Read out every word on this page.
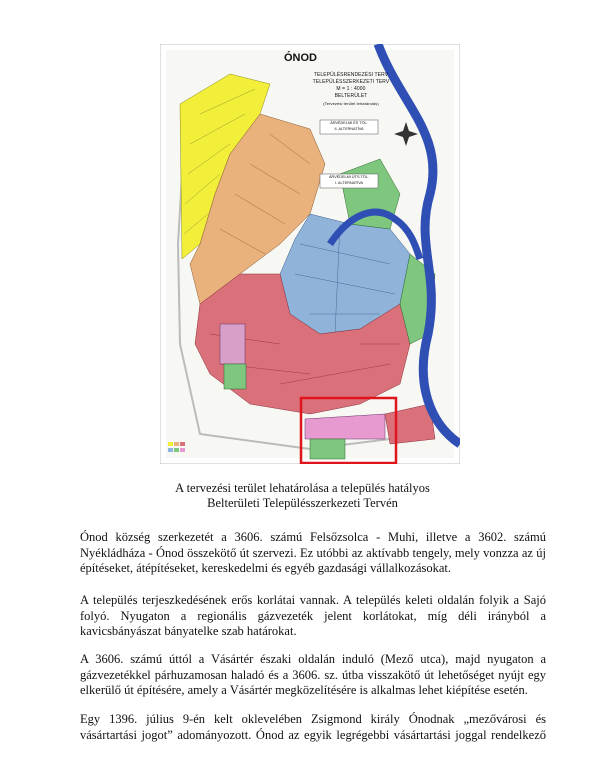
ÓNOD
TELEPÜLÉSRENDEZÉSI TERV
TELEPÜLÉSSZERKEZETI TERV
M = 1 : 4000
BELTERÜLET
(Tervezési terület lehatárolás)
ÁRVÉDELMI ÉS TÖL.
II. ALTERNATÍVA
ÁRVÉDELMI ÚTS.TÖL.
I. ALTERNATÍVA
A tervezési terület lehatárolása a település hatályos
Belterületi Településszerkezeti Tervén
Ónod község szerkezetét a 3606. számú Felsőzsolca - Muhi, illetve a 3602. számú
Nyékládháza - Ónod összekötő út szervezi. Ez utóbbi az aktívabb tengely, mely vonzza az új
építéseket, átépítéseket, kereskedelmi és egyéb gazdasági vállalkozásokat.
A település terjeszkedésének erős korlátai vannak. A település keleti oldalán folyik a Sajó
folyó. Nyugaton a regionális gázvezeték jelent korlátokat, míg déli irányból a
kavicsbányászat bányatelke szab határokat.
A 3606. számú úttól a Vásártér északi oldalán induló (Mező utca), majd nyugaton a
gázvezetékkel párhuzamosan haladó és a 3606. sz. útba visszakötő út lehetőséget nyújt egy
elkerülő út építésére, amely a Vásártér megközelítésére is alkalmas lehet kiépítése esetén.
Egy 1396. július 9-én kelt oklevelében Zsigmond király Ónodnak „mezővárosi és
vásártartási jogot” adományozott. Ónod az egyik legrégebbi vásártartási joggal rendelkező
